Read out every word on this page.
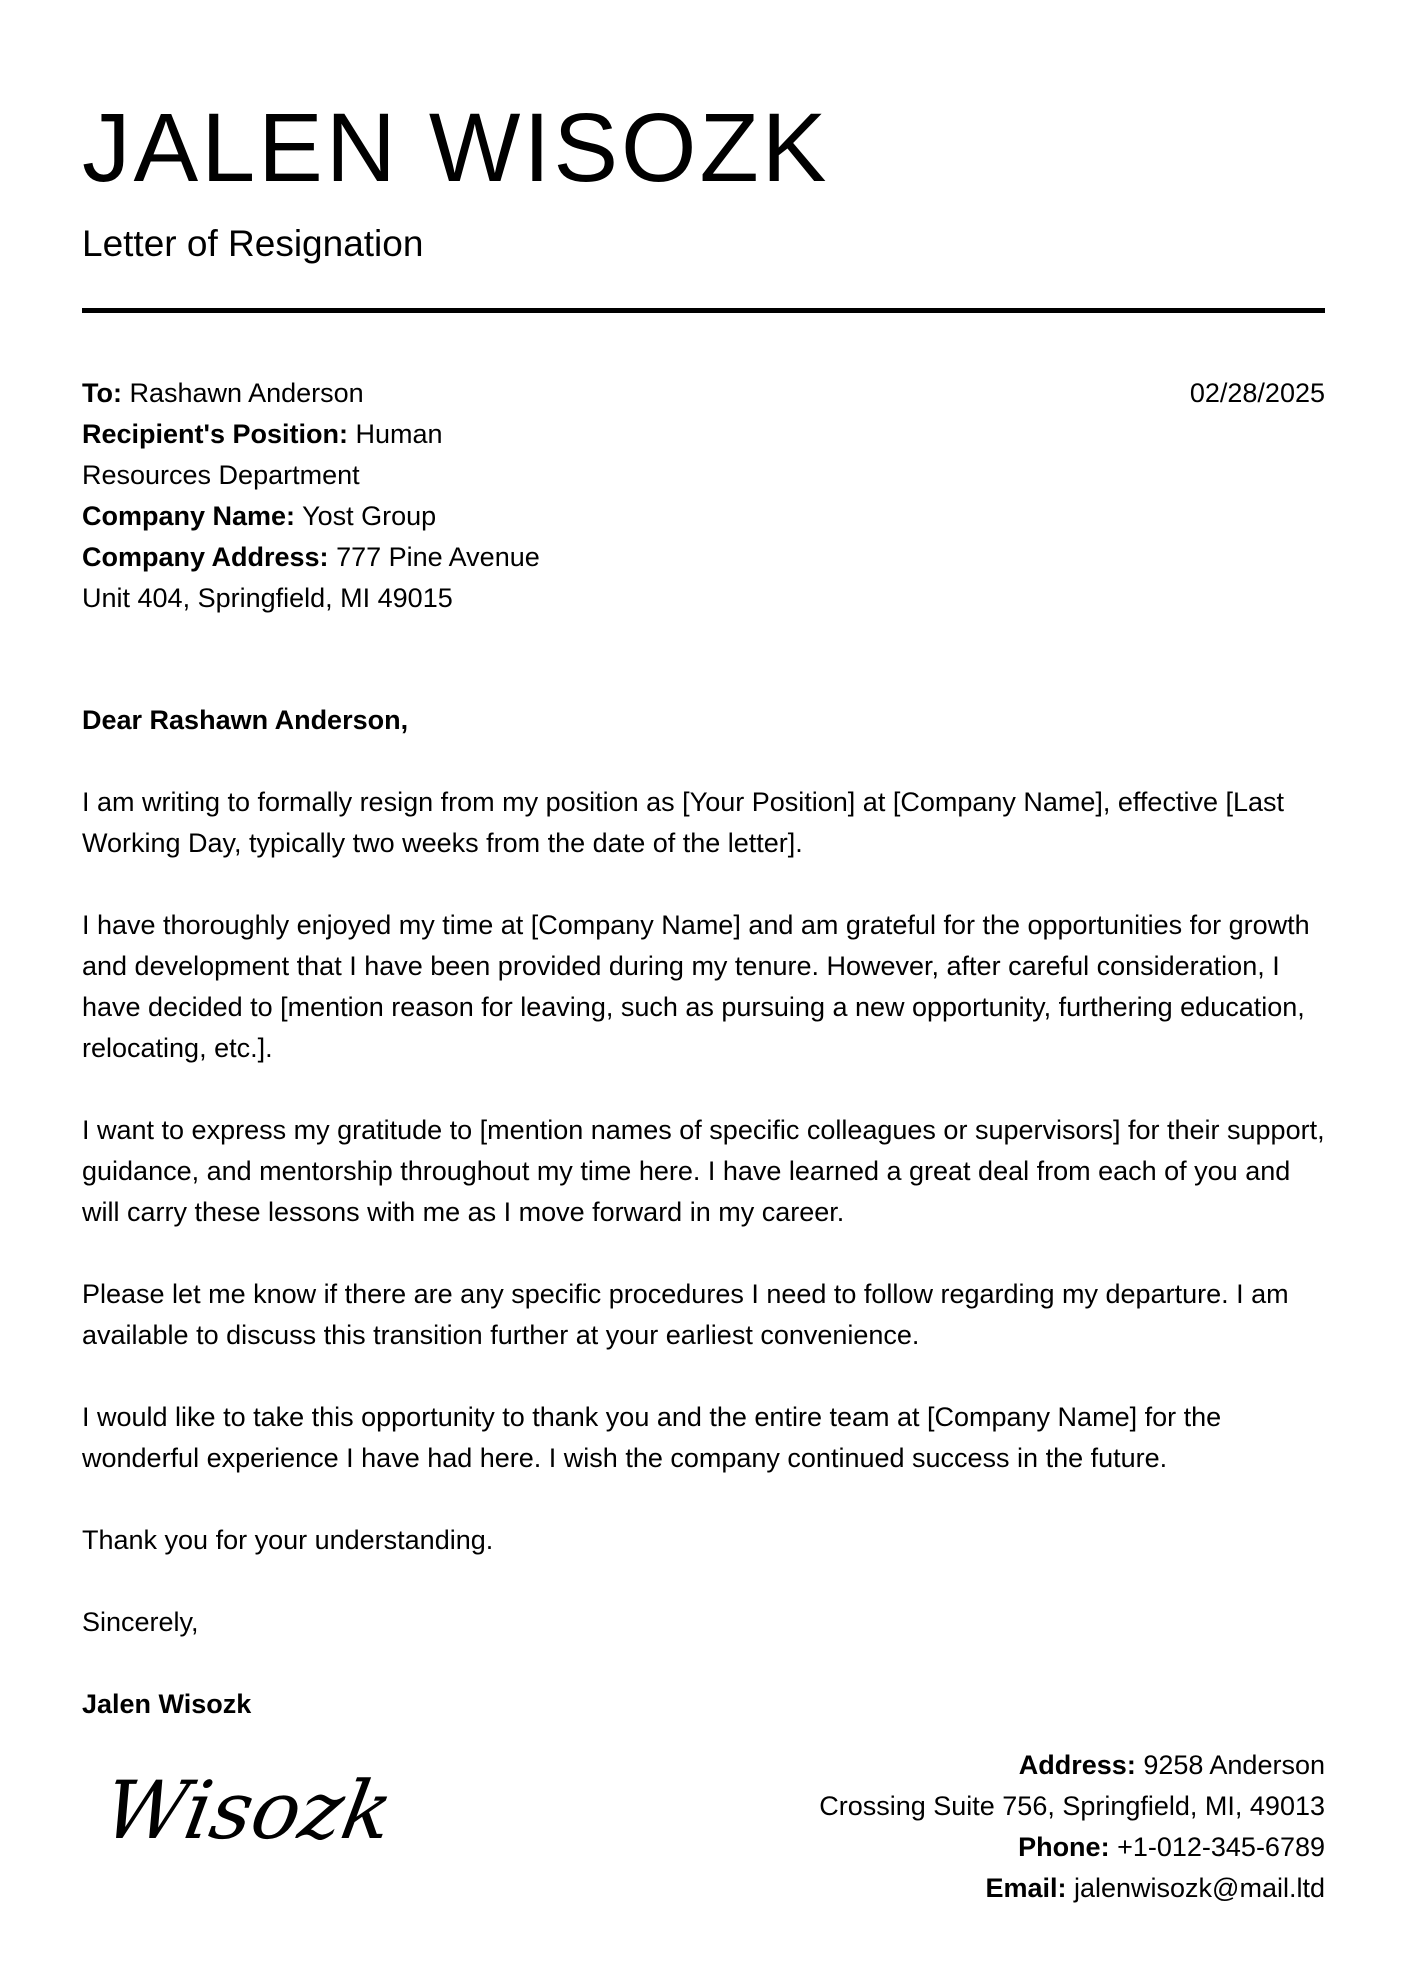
JALEN WISOZK
Letter of Resignation
To: Rashawn Anderson
Recipient's Position: Human Resources Department
Company Name: Yost Group
Company Address: 777 Pine Avenue Unit 404, Springfield, MI 49015
02/28/2025

Dear Rashawn Anderson,

I am writing to formally resign from my position as [Your Position] at [Company Name], effective [Last Working Day, typically two weeks from the date of the letter].

I have thoroughly enjoyed my time at [Company Name] and am grateful for the opportunities for growth and development that I have been provided during my tenure. However, after careful consideration, I have decided to [mention reason for leaving, such as pursuing a new opportunity, furthering education, relocating, etc.].

I want to express my gratitude to [mention names of specific colleagues or supervisors] for their support, guidance, and mentorship throughout my time here. I have learned a great deal from each of you and will carry these lessons with me as I move forward in my career.

Please let me know if there are any specific procedures I need to follow regarding my departure. I am available to discuss this transition further at your earliest convenience.

I would like to take this opportunity to thank you and the entire team at [Company Name] for the wonderful experience I have had here. I wish the company continued success in the future.

Thank you for your understanding.

Sincerely,

Jalen Wisozk

Wisozk	Address: 9258 Anderson
Crossing Suite 756, Springfield, MI, 49013
Phone: +1-012-345-6789
Email: jalenwisozk@mail.ltd
